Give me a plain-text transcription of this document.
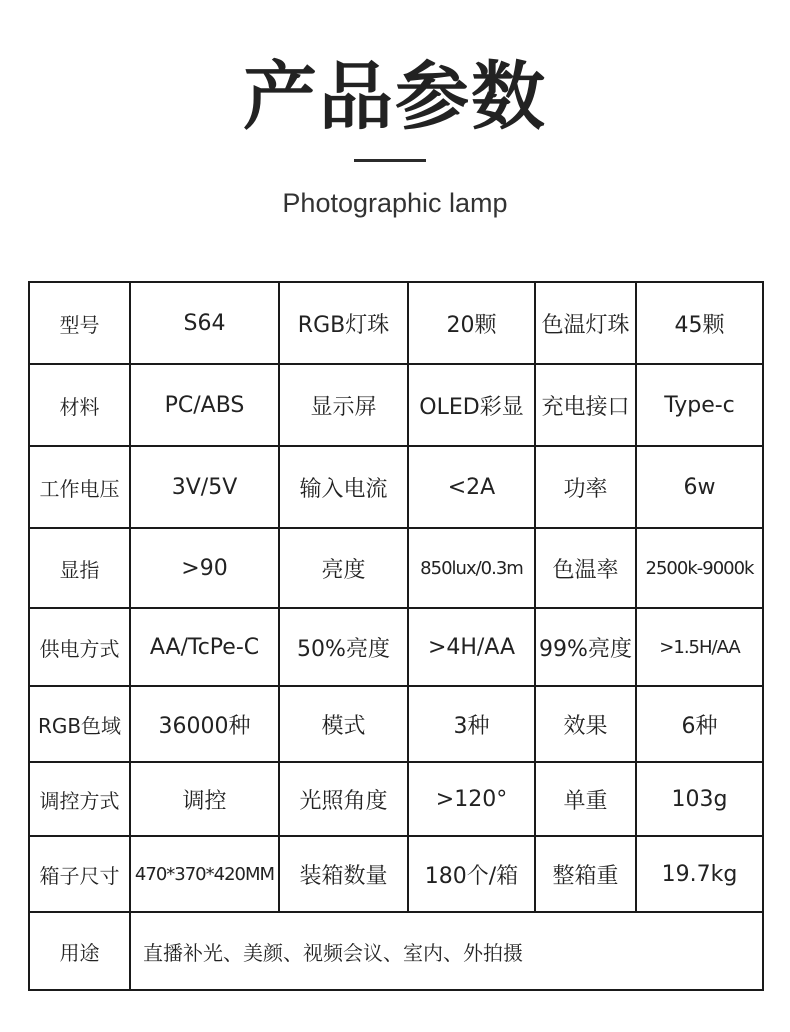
产品参数
Photographic lamp
型号	S64	RGB灯珠	20颗	色温灯珠	45颗
材料	PC/ABS	显示屏	OLED彩显	充电接口	Type-c
工作电压	3V/5V	输入电流	<2A	功率	6w
显指	>90	亮度	850lux/0.3m	色温率	2500k-9000k
供电方式	AA/TcPe-C	50%亮度	>4H/AA	99%亮度	>1.5H/AA
RGB色域	36000种	模式	3种	效果	6种
调控方式	调控	光照角度	>120°	单重	103g
箱子尺寸	470*370*420MM	装箱数量	180个/箱	整箱重	19.7kg
用途	直播补光、美颜、视频会议、室内、外拍摄				
